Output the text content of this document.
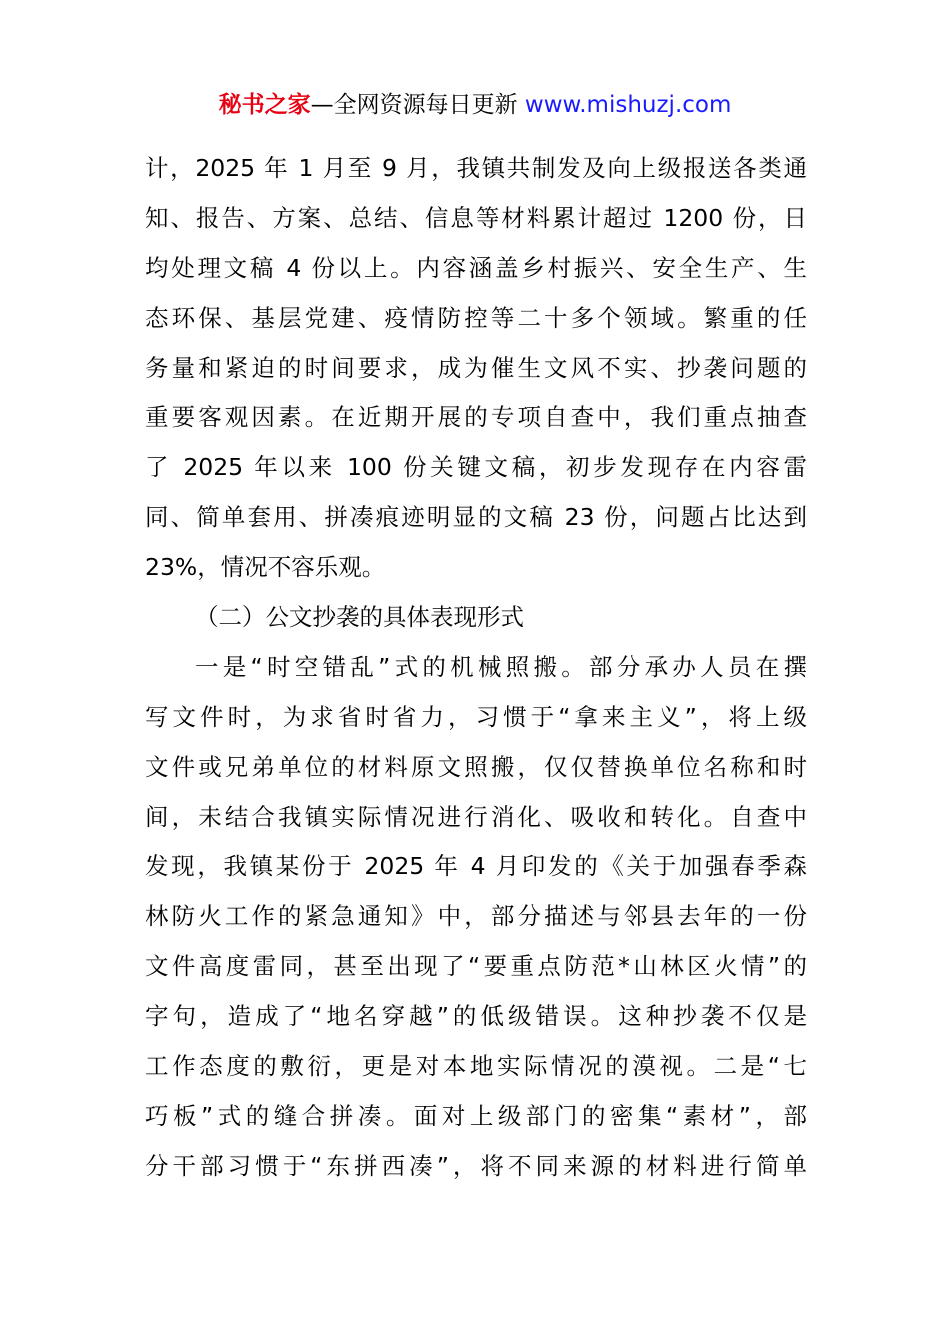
秘书之家—全网资源每日更新 www.mishuzj.com
计，2025 年 1 月至 9 月，我镇共制发及向上级报送各类通
知、报告、方案、总结、信息等材料累计超过 1200 份，日
均处理文稿 4 份以上。内容涵盖乡村振兴、安全生产、生
态环保、基层党建、疫情防控等二十多个领域。繁重的任
务量和紧迫的时间要求，成为催生文风不实、抄袭问题的
重要客观因素。在近期开展的专项自查中，我们重点抽查
了 2025 年以来 100 份关键文稿，初步发现存在内容雷
同、简单套用、拼凑痕迹明显的文稿 23 份，问题占比达到
23%，情况不容乐观。
（二）公文抄袭的具体表现形式
一是“时空错乱”式的机械照搬。部分承办人员在撰
写文件时，为求省时省力，习惯于“拿来主义”，将上级
文件或兄弟单位的材料原文照搬，仅仅替换单位名称和时
间，未结合我镇实际情况进行消化、吸收和转化。自查中
发现，我镇某份于 2025 年 4 月印发的《关于加强春季森
林防火工作的紧急通知》中，部分描述与邻县去年的一份
文件高度雷同，甚至出现了“要重点防范*山林区火情”的
字句，造成了“地名穿越”的低级错误。这种抄袭不仅是
工作态度的敷衍，更是对本地实际情况的漠视。二是“七
巧板”式的缝合拼凑。面对上级部门的密集“素材”，部
分干部习惯于“东拼西凑”，将不同来源的材料进行简单
